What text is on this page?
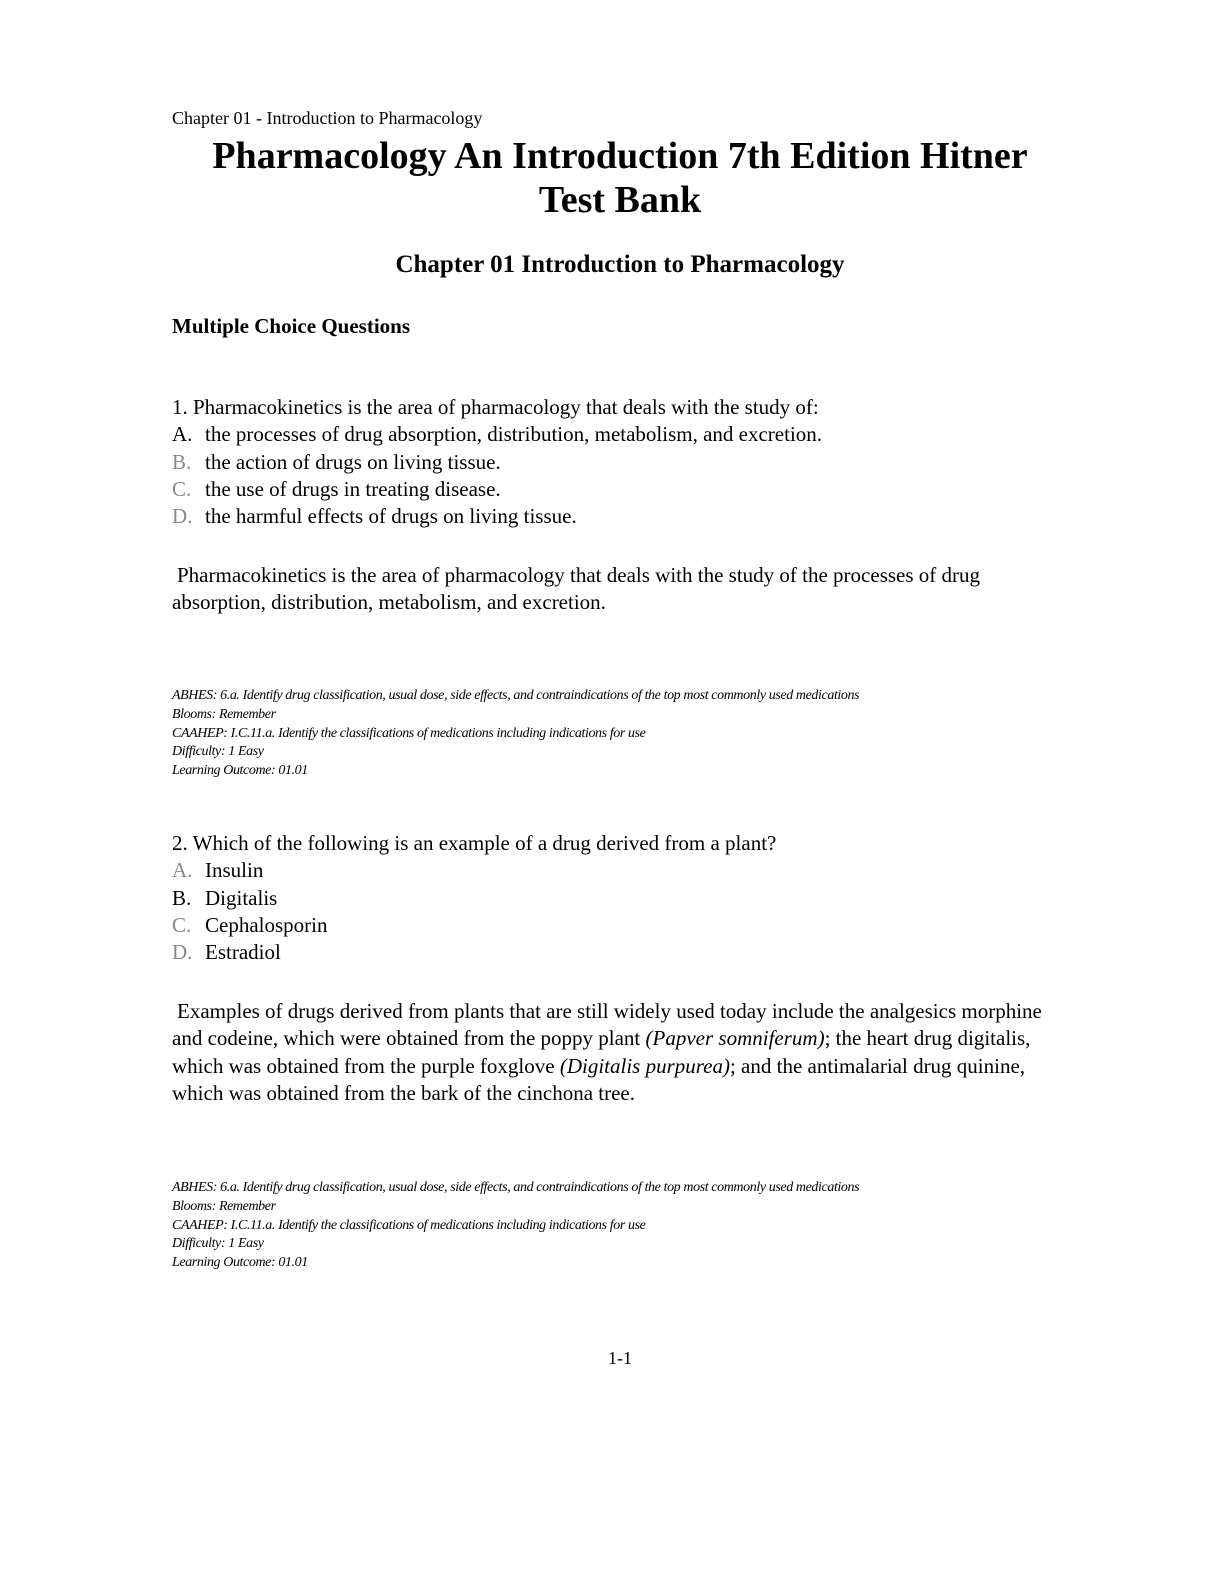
Chapter 01 - Introduction to Pharmacology
Pharmacology An Introduction 7th Edition Hitner
Test Bank
Chapter 01 Introduction to Pharmacology
Multiple Choice Questions
1. Pharmacokinetics is the area of pharmacology that deals with the study of:
A. the processes of drug absorption, distribution, metabolism, and excretion.
B. the action of drugs on living tissue.
C. the use of drugs in treating disease.
D. the harmful effects of drugs on living tissue.
Pharmacokinetics is the area of pharmacology that deals with the study of the processes of drug absorption, distribution, metabolism, and excretion.
ABHES: 6.a. Identify drug classification, usual dose, side effects, and contraindications of the top most commonly used medications
Blooms: Remember
CAAHEP: I.C.11.a. Identify the classifications of medications including indications for use
Difficulty: 1 Easy
Learning Outcome: 01.01
2. Which of the following is an example of a drug derived from a plant?
A. Insulin
B. Digitalis
C. Cephalosporin
D. Estradiol
Examples of drugs derived from plants that are still widely used today include the analgesics morphine and codeine, which were obtained from the poppy plant (Papver somniferum); the heart drug digitalis, which was obtained from the purple foxglove (Digitalis purpurea); and the antimalarial drug quinine, which was obtained from the bark of the cinchona tree.
ABHES: 6.a. Identify drug classification, usual dose, side effects, and contraindications of the top most commonly used medications
Blooms: Remember
CAAHEP: I.C.11.a. Identify the classifications of medications including indications for use
Difficulty: 1 Easy
Learning Outcome: 01.01
1-1
